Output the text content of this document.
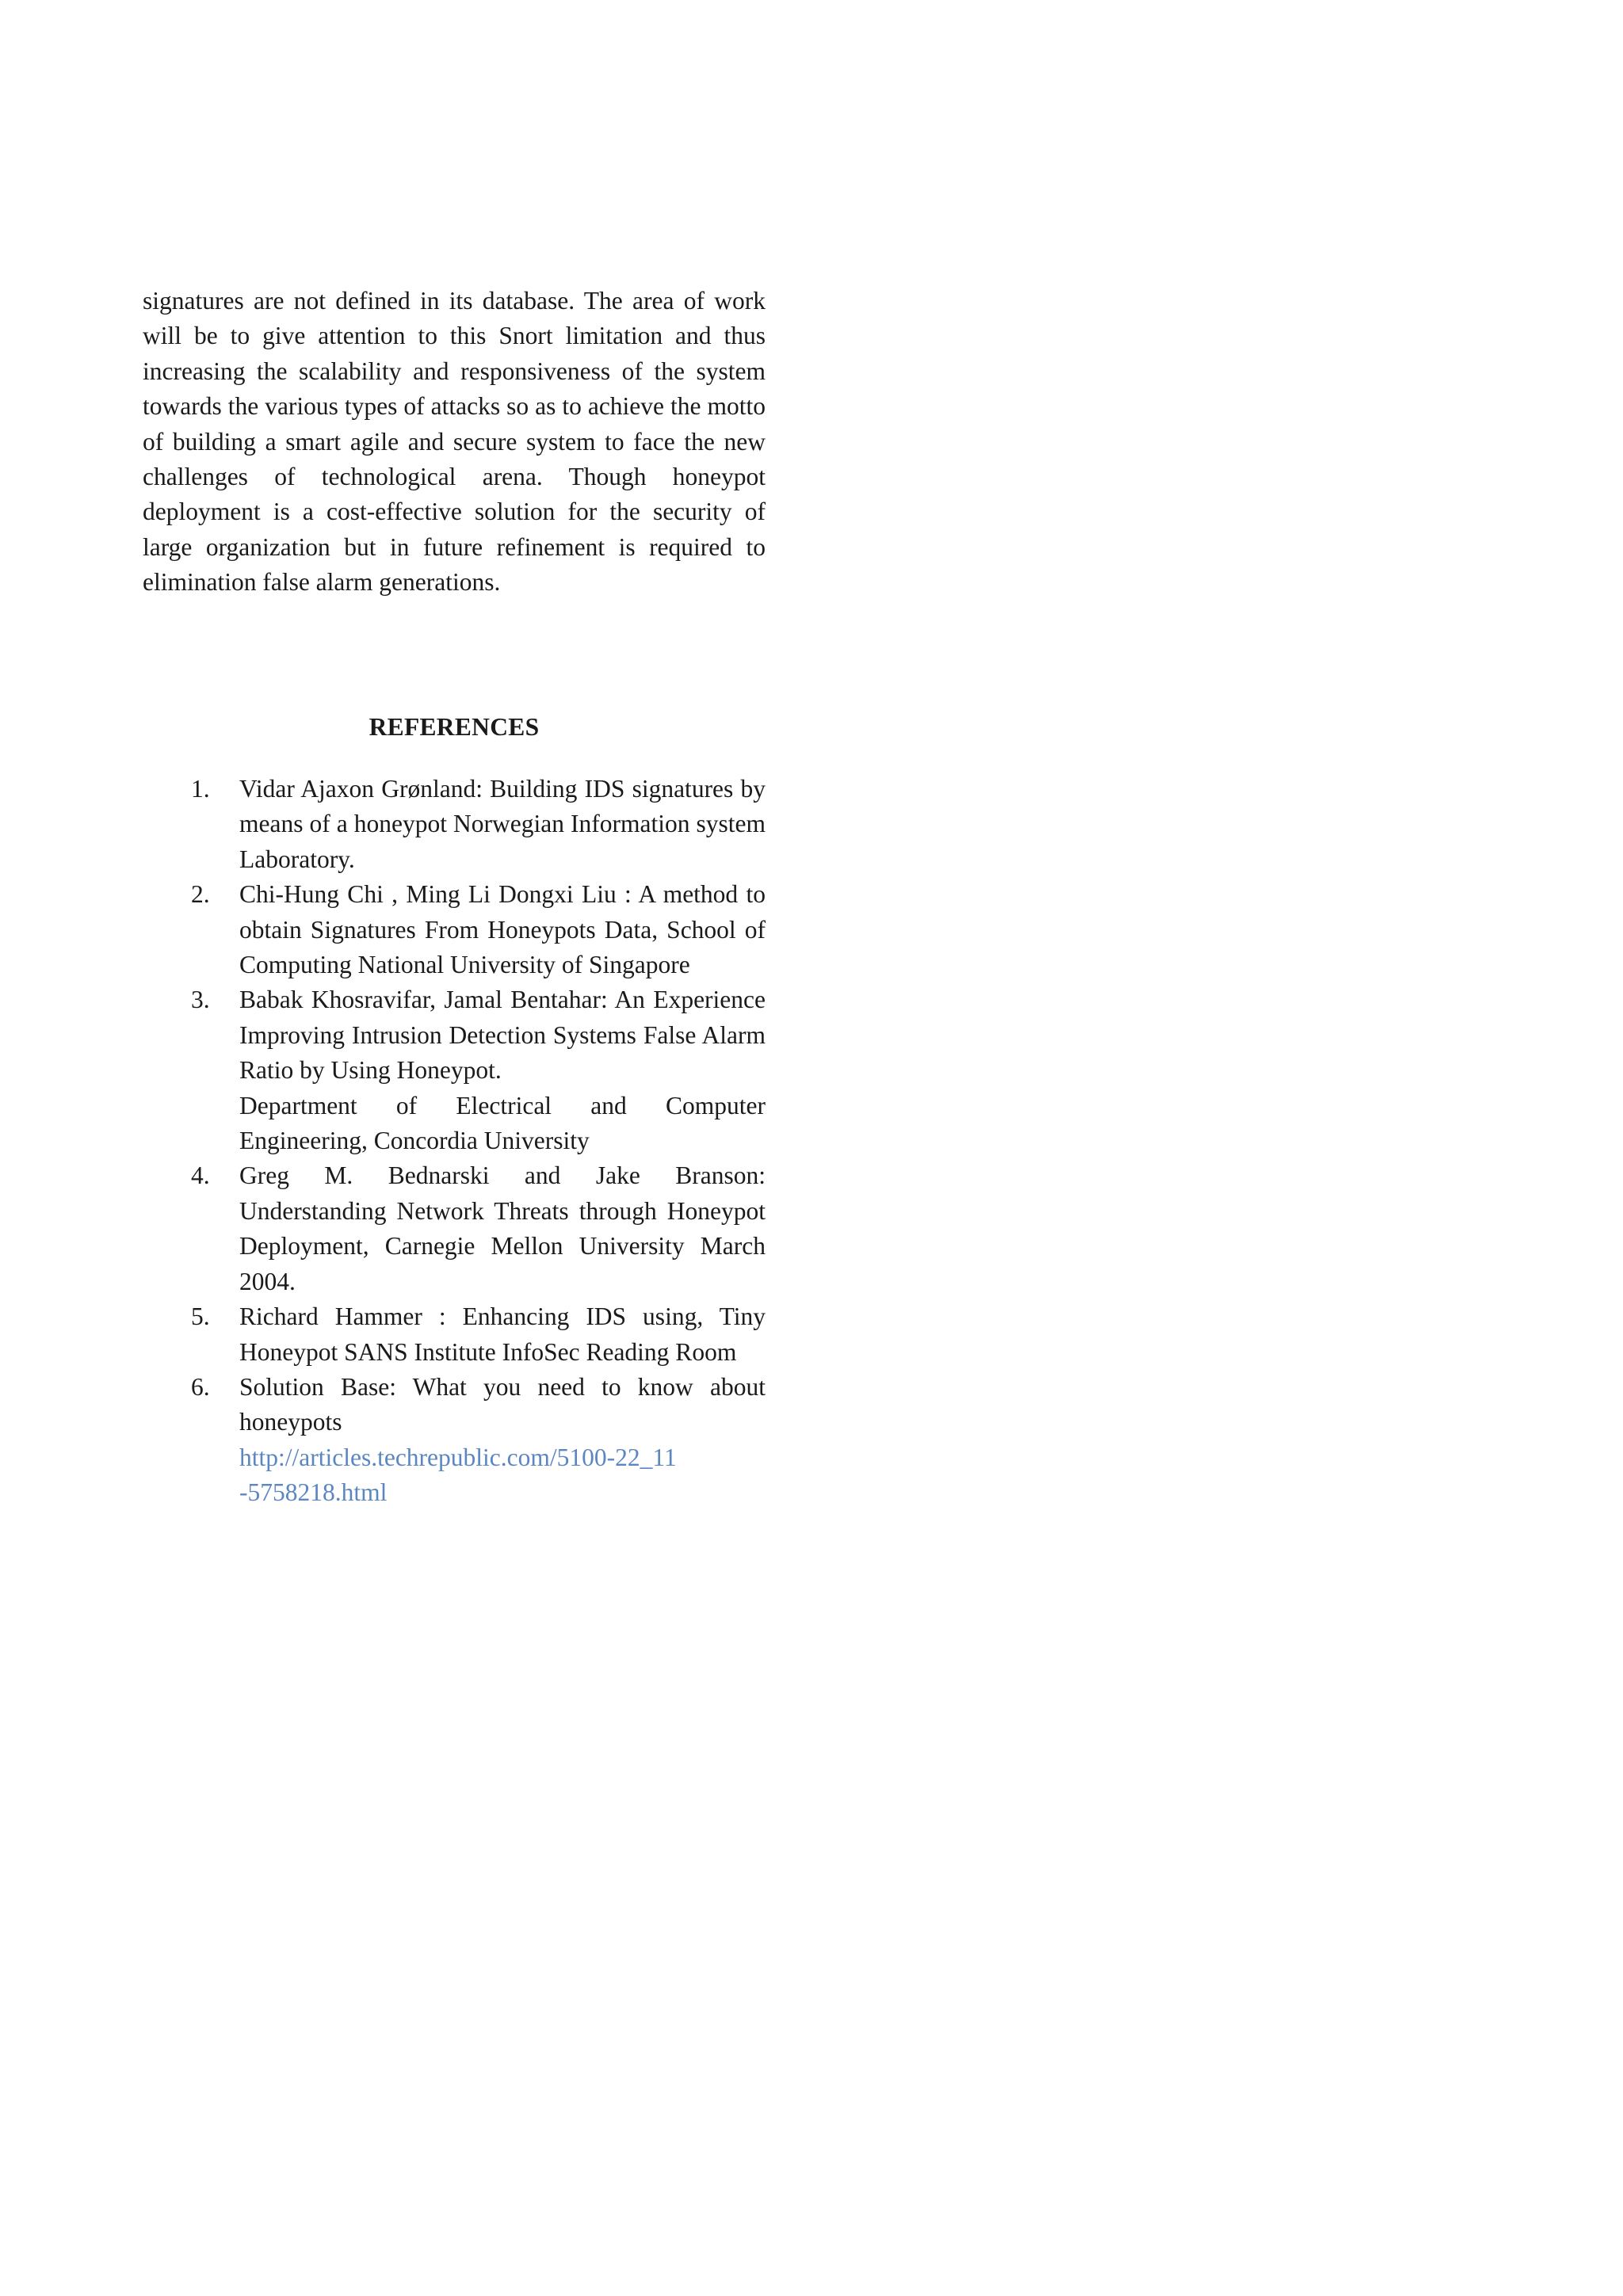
signatures are not defined in its database. The area of work will be to give attention to this Snort limitation and thus increasing the scalability and responsiveness of the system towards the various types of attacks so as to achieve the motto of building a smart agile and secure system to face the new challenges of technological arena. Though honeypot deployment is a cost-effective solution for the security of large organization but in future refinement is required to elimination false alarm generations.

REFERENCES
1.	Vidar Ajaxon Grønland: Building IDS signatures by means of a honeypot Norwegian Information system Laboratory.
2.	Chi-Hung Chi , Ming Li Dongxi Liu : A method to obtain Signatures From Honeypots Data, School of Computing National University of Singapore
3.	Babak Khosravifar, Jamal Bentahar: An Experience Improving Intrusion Detection Systems False Alarm Ratio by Using Honeypot.
Department of Electrical and Computer Engineering, Concordia University
4.	Greg M. Bednarski and Jake Branson: Understanding Network Threats through Honeypot Deployment, Carnegie Mellon University March 2004.
5.	Richard Hammer : Enhancing IDS using, Tiny Honeypot SANS Institute InfoSec Reading Room
6.	Solution Base: What you need to know about honeypots
http://articles.techrepublic.com/5100-22_11-5758218.html
